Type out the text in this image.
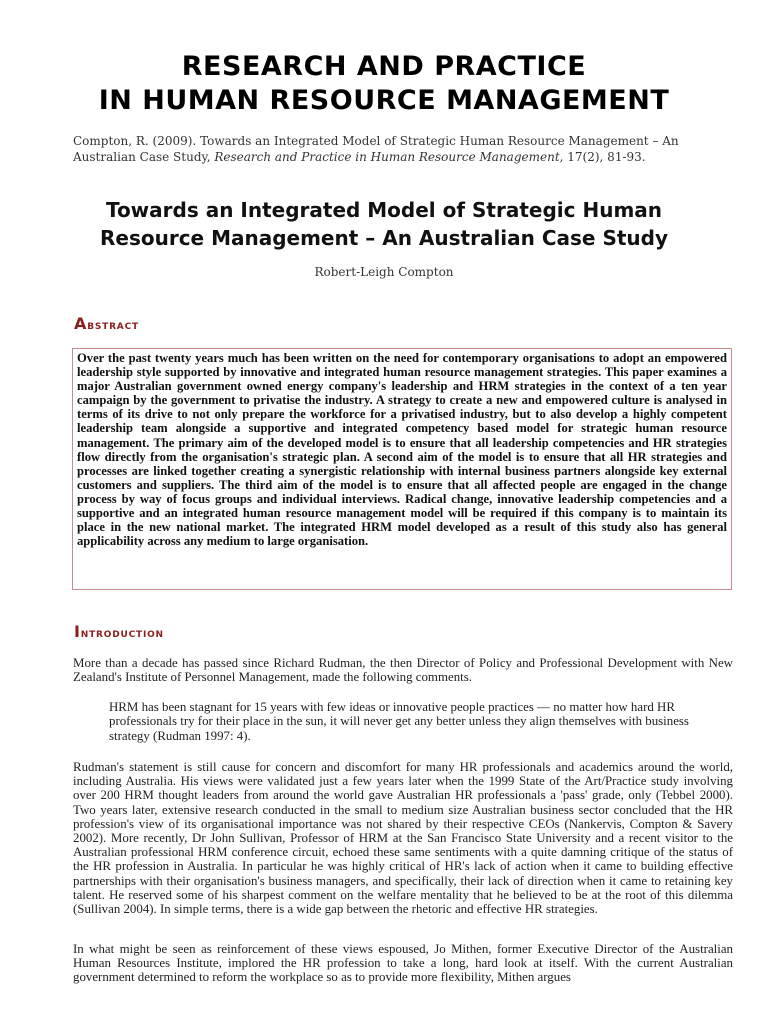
RESEARCH AND PRACTICE
IN HUMAN RESOURCE MANAGEMENT
Compton, R. (2009). Towards an Integrated Model of Strategic Human Resource Management – An Australian Case Study, Research and Practice in Human Resource Management, 17(2), 81-93.
Towards an Integrated Model of Strategic Human
Resource Management – An Australian Case Study
Robert-Leigh Compton
Abstract
Over the past twenty years much has been written on the need for contemporary organisations to adopt an empowered leadership style supported by innovative and integrated human resource management strategies. This paper examines a major Australian government owned energy company's leadership and HRM strategies in the context of a ten year campaign by the government to privatise the industry. A strategy to create a new and empowered culture is analysed in terms of its drive to not only prepare the workforce for a privatised industry, but to also develop a highly competent leadership team alongside a supportive and integrated competency based model for strategic human resource management. The primary aim of the developed model is to ensure that all leadership competencies and HR strategies flow directly from the organisation's strategic plan. A second aim of the model is to ensure that all HR strategies and processes are linked together creating a synergistic relationship with internal business partners alongside key external customers and suppliers. The third aim of the model is to ensure that all affected people are engaged in the change process by way of focus groups and individual interviews. Radical change, innovative leadership competencies and a supportive and an integrated human resource management model will be required if this company is to maintain its place in the new national market. The integrated HRM model developed as a result of this study also has general applicability across any medium to large organisation.
Introduction
More than a decade has passed since Richard Rudman, the then Director of Policy and Professional Development with New Zealand's Institute of Personnel Management, made the following comments.
HRM has been stagnant for 15 years with few ideas or innovative people practices — no matter how hard HR professionals try for their place in the sun, it will never get any better unless they align themselves with business strategy (Rudman 1997: 4).
Rudman's statement is still cause for concern and discomfort for many HR professionals and academics around the world, including Australia. His views were validated just a few years later when the 1999 State of the Art/Practice study involving over 200 HRM thought leaders from around the world gave Australian HR professionals a 'pass' grade, only (Tebbel 2000). Two years later, extensive research conducted in the small to medium size Australian business sector concluded that the HR profession's view of its organisational importance was not shared by their respective CEOs (Nankervis, Compton & Savery 2002). More recently, Dr John Sullivan, Professor of HRM at the San Francisco State University and a recent visitor to the Australian professional HRM conference circuit, echoed these same sentiments with a quite damning critique of the status of the HR profession in Australia. In particular he was highly critical of HR's lack of action when it came to building effective partnerships with their organisation's business managers, and specifically, their lack of direction when it came to retaining key talent. He reserved some of his sharpest comment on the welfare mentality that he believed to be at the root of this dilemma (Sullivan 2004). In simple terms, there is a wide gap between the rhetoric and effective HR strategies.
In what might be seen as reinforcement of these views espoused, Jo Mithen, former Executive Director of the Australian Human Resources Institute, implored the HR profession to take a long, hard look at itself. With the current Australian government determined to reform the workplace so as to provide more flexibility, Mithen argues
